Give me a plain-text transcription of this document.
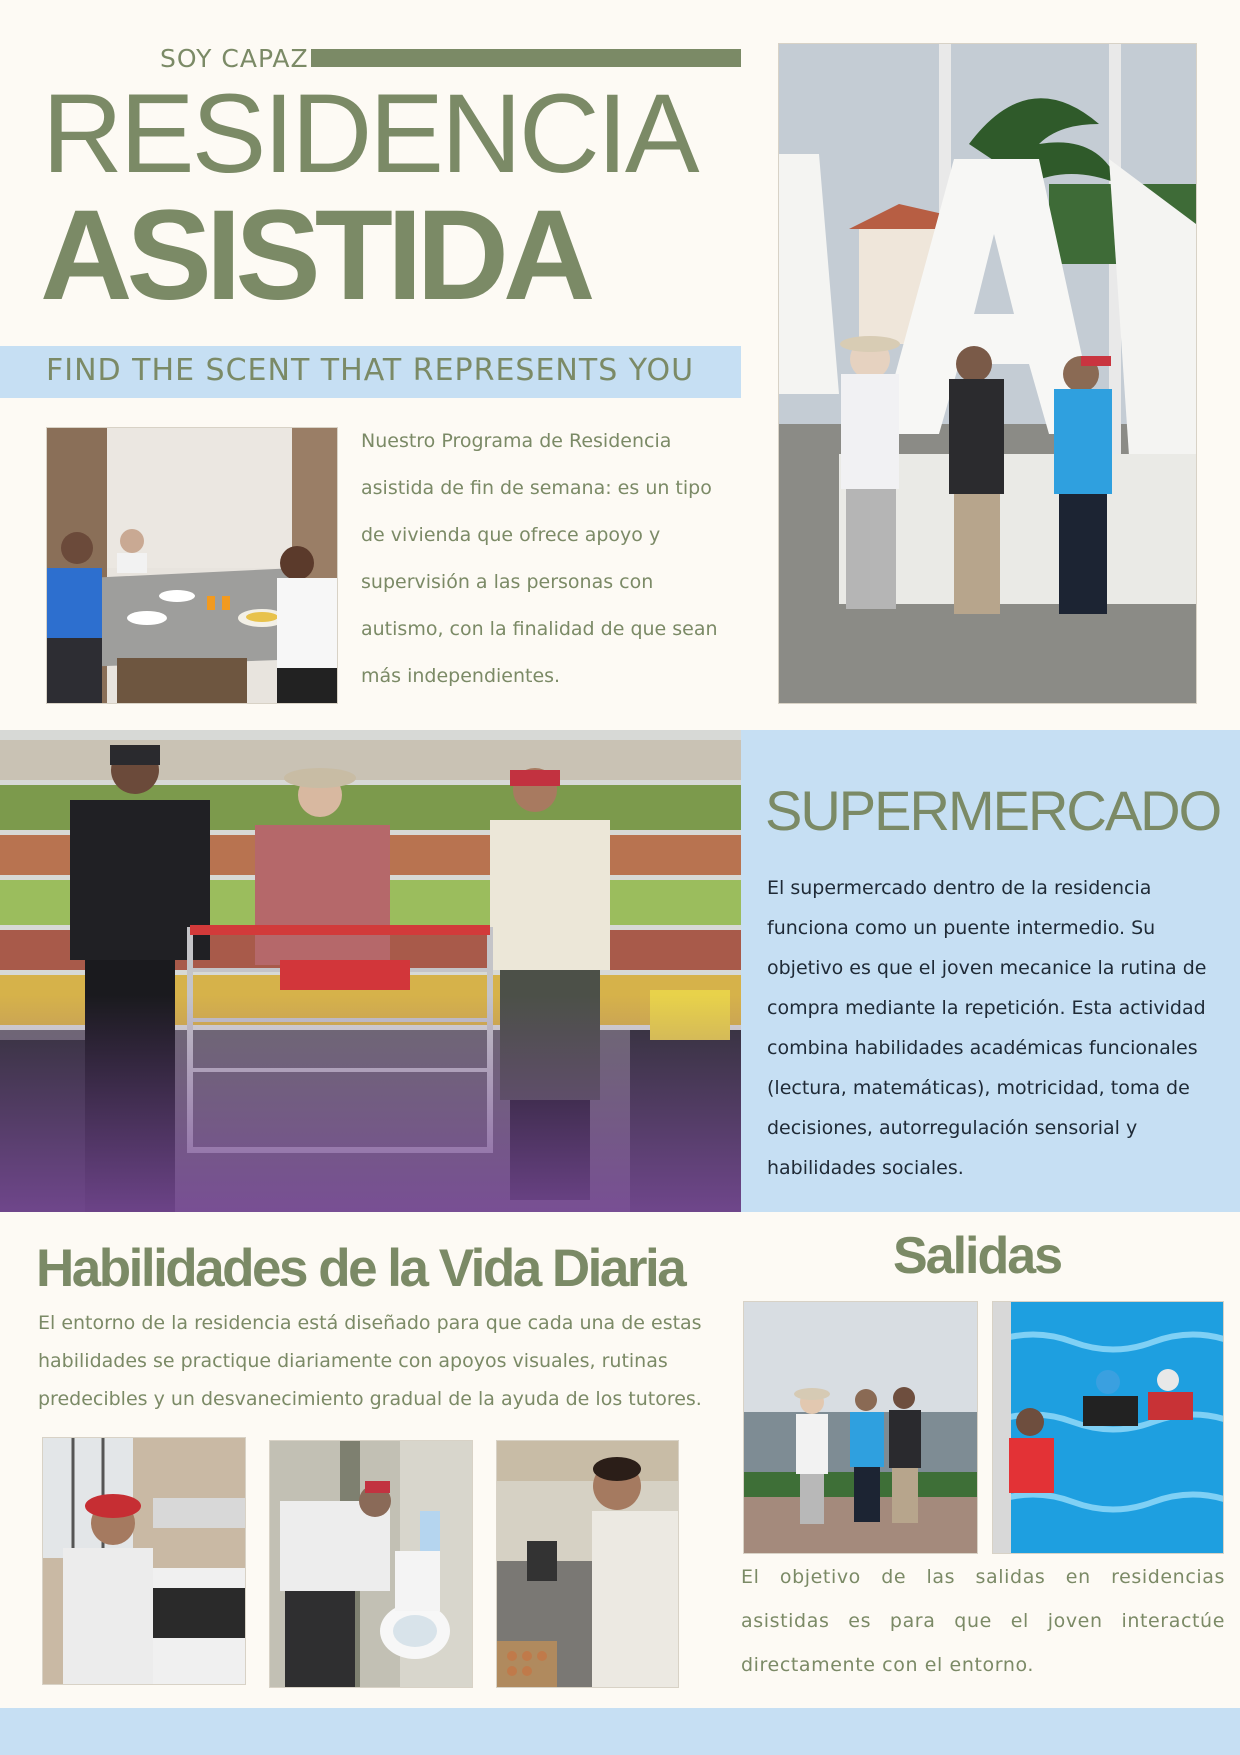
SOY CAPAZ
RESIDENCIA
ASISTIDA
FIND THE SCENT THAT REPRESENTS YOU
Nuestro Programa de Residencia asistida de fin de semana: es un tipo de vivienda que ofrece apoyo y supervisión a las personas con autismo, con la finalidad de que sean más independientes.
SUPERMERCADO
El supermercado dentro de la residencia funciona como un puente intermedio. Su objetivo es que el joven mecanice la rutina de compra mediante la repetición. Esta actividad combina habilidades académicas funcionales (lectura, matemáticas), motricidad, toma de decisiones, autorregulación sensorial y habilidades sociales.
Habilidades de la Vida Diaria
El entorno de la residencia está diseñado para que cada una de estas habilidades se practique diariamente con apoyos visuales, rutinas predecibles y un desvanecimiento gradual de la ayuda de los tutores.
Salidas
El objetivo de las salidas en residencias asistidas es para que el joven interactúe directamente con el entorno.
